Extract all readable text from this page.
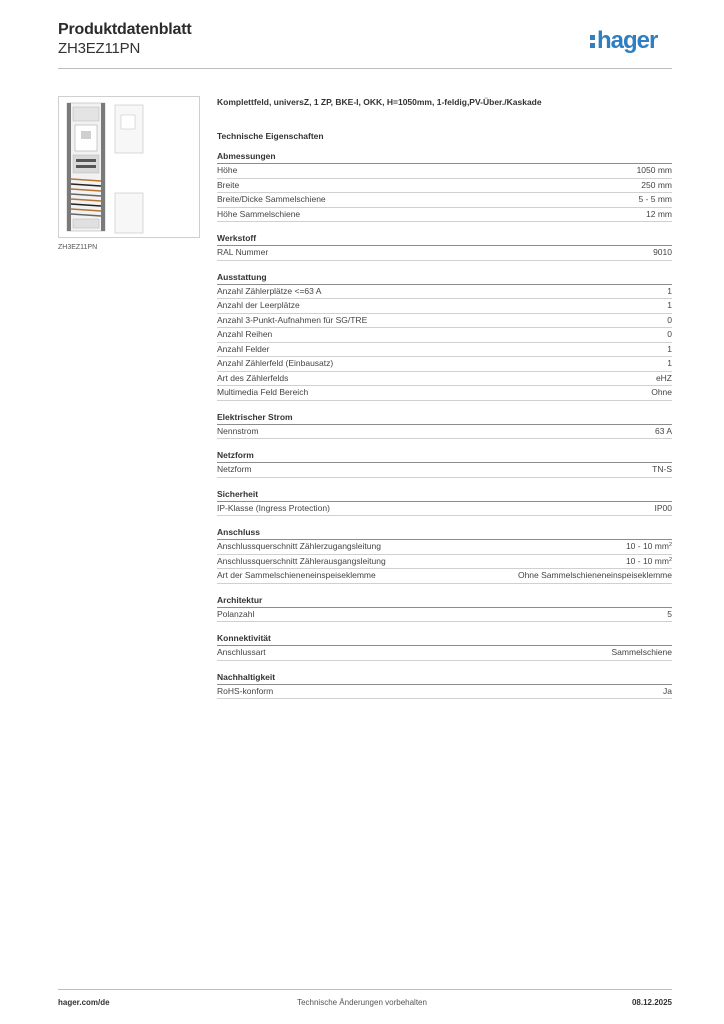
Produktdatenblatt
ZH3EZ11PN	hager
ZH3EZ11PN
Komplettfeld, universZ, 1 ZP, BKE-I, OKK, H=1050mm, 1-feldig,PV-Über./Kaskade
Technische Eigenschaften
Abmessungen
Höhe	1050 mm
Breite	250 mm
Breite/Dicke Sammelschiene	5 - 5 mm
Höhe Sammelschiene	12 mm
Werkstoff
RAL Nummer	9010
Ausstattung
Anzahl Zählerplätze <=63 A	1
Anzahl der Leerplätze	1
Anzahl 3-Punkt-Aufnahmen für SG/TRE	0
Anzahl Reihen	0
Anzahl Felder	1
Anzahl Zählerfeld (Einbausatz)	1
Art des Zählerfelds	eHZ
Multimedia Feld Bereich	Ohne
Elektrischer Strom
Nennstrom	63 A
Netzform
Netzform	TN-S
Sicherheit
IP-Klasse (Ingress Protection)	IP00
Anschluss
Anschlussquerschnitt Zählerzugangsleitung	10 - 10 $mm^2$
Anschlussquerschnitt Zählerausgangsleitung	10 - 10 $mm^2$
Art der Sammelschieneneinspeiseklemme	Ohne Sammelschieneneinspeiseklemme
Architektur
Polanzahl	5
Konnektivität
Anschlussart	Sammelschiene
Nachhaltigkeit
RoHS-konform	Ja
hager.com/de	Technische Änderungen vorbehalten	08.12.2025
